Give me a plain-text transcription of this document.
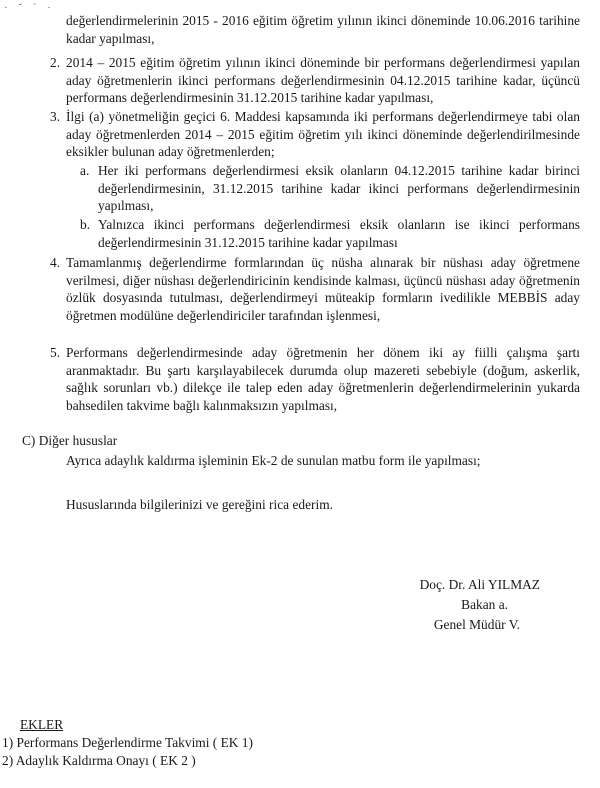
· ˇ ` ·
değerlendirmelerinin 2015 - 2016 eğitim öğretim yılının ikinci döneminde 10.06.2016 tarihine kadar yapılması,
2. 2014 – 2015 eğitim öğretim yılının ikinci döneminde bir performans değerlendirmesi yapılan aday öğretmenlerin ikinci performans değerlendirmesinin 04.12.2015 tarihine kadar, üçüncü performans değerlendirmesinin 31.12.2015 tarihine kadar yapılması,
3. İlgi (a) yönetmeliğin geçici 6. Maddesi kapsamında iki performans değerlendirmeye tabi olan aday öğretmenlerden 2014 – 2015 eğitim öğretim yılı ikinci döneminde değerlendirilmesinde eksikler bulunan aday öğretmenlerden;
a. Her iki performans değerlendirmesi eksik olanların 04.12.2015 tarihine kadar birinci değerlendirmesinin, 31.12.2015 tarihine kadar ikinci performans değerlendirmesinin yapılması,
b. Yalnızca ikinci performans değerlendirmesi eksik olanların ise ikinci performans değerlendirmesinin 31.12.2015 tarihine kadar yapılması
4. Tamamlanmış değerlendirme formlarından üç nüsha alınarak bir nüshası aday öğretmene verilmesi, diğer nüshası değerlendiricinin kendisinde kalması, üçüncü nüshası aday öğretmenin özlük dosyasında tutulması, değerlendirmeyi müteakip formların ivedilikle MEBBİS aday öğretmen modülüne değerlendiriciler tarafından işlenmesi,
5. Performans değerlendirmesinde aday öğretmenin her dönem iki ay fiilli çalışma şartı aranmaktadır. Bu şartı karşılayabilecek durumda olup mazereti sebebiyle (doğum, askerlik, sağlık sorunları vb.) dilekçe ile talep eden aday öğretmenlerin değerlendirmelerinin yukarda bahsedilen takvime bağlı kalınmaksızın yapılması,
C) Diğer hususlar
Ayrıca adaylık kaldırma işleminin Ek-2 de sunulan matbu form ile yapılması;
Hususlarında bilgilerinizi ve gereğini rica ederim.
Doç. Dr. Ali YILMAZ
Bakan a.
Genel Müdür V.
EKLER
1) Performans Değerlendirme Takvimi ( EK 1)
2) Adaylık Kaldırma Onayı ( EK 2 )
